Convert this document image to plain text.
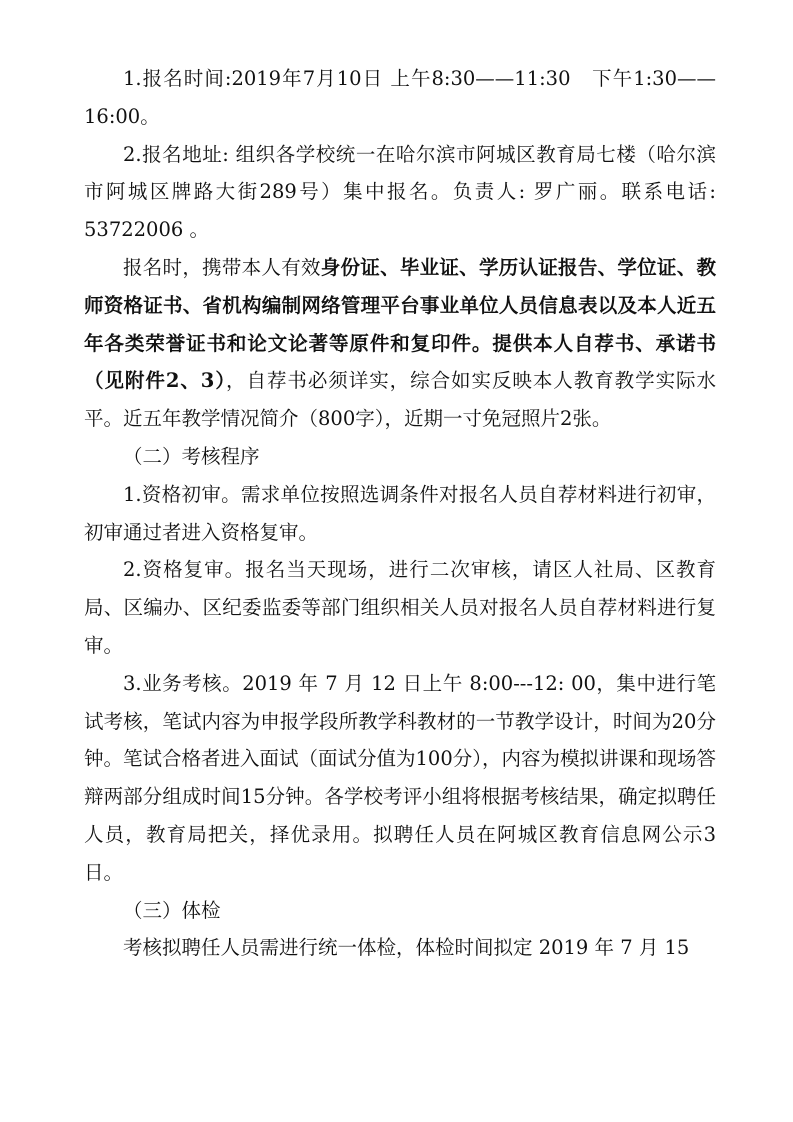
1.报名时间:2019年7月10日 上午8:30——11:30　下午1:30——16:00。

2.报名地址: 组织各学校统一在哈尔滨市阿城区教育局七楼（哈尔滨市阿城区牌路大街289号）集中报名。负责人: 罗广丽。联系电话: 53722006 。

报名时，携带本人有效身份证、毕业证、学历认证报告、学位证、教师资格证书、省机构编制网络管理平台事业单位人员信息表以及本人近五年各类荣誉证书和论文论著等原件和复印件。提供本人自荐书、承诺书（见附件2、3），自荐书必须详实，综合如实反映本人教育教学实际水平。近五年教学情况简介（800字），近期一寸免冠照片2张。

（二）考核程序

1.资格初审。需求单位按照选调条件对报名人员自荐材料进行初审，初审通过者进入资格复审。

2.资格复审。报名当天现场，进行二次审核，请区人社局、区教育局、区编办、区纪委监委等部门组织相关人员对报名人员自荐材料进行复审。

3.业务考核。2019 年 7 月 12 日上午 8:00---12: 00，集中进行笔试考核，笔试内容为申报学段所教学科教材的一节教学设计，时间为20分钟。笔试合格者进入面试（面试分值为100分），内容为模拟讲课和现场答辩两部分组成时间15分钟。各学校考评小组将根据考核结果，确定拟聘任人员，教育局把关，择优录用。拟聘任人员在阿城区教育信息网公示3日。

（三）体检

考核拟聘任人员需进行统一体检，体检时间拟定 2019 年 7 月 15
